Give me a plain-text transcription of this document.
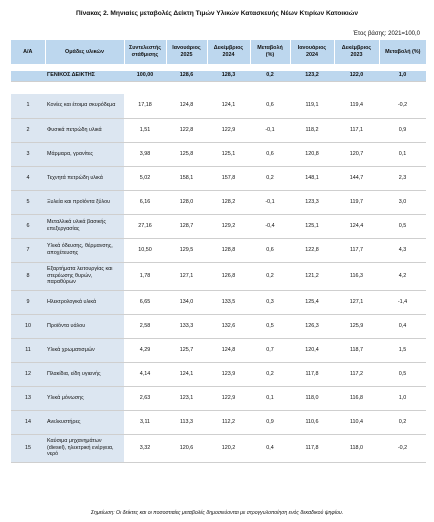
Πίνακας 2. Μηνιαίες μεταβολές Δείκτη Τιμών Υλικών Κατασκευής Νέων Κτιρίων Κατοικιών
Έτος βάσης: 2021=100,0
Α/Α	Ομάδες υλικών	Συντελεστής στάθμισης	Ιανουάριος 2025	Δεκέμβριος 2024	Μεταβολή (%)	Ιανουάριος 2024	Δεκέμβριος 2023	Μεταβολή (%)

	ΓΕΝΙΚΟΣ ΔΕΙΚΤΗΣ	100,00	128,6	128,3	0,2	123,2	122,0	1,0

1	Κονίες και έτοιμα σκυρόδεμα	17,18	124,8	124,1	0,6	119,1	119,4	-0,2
2	Φυσικά πετρώδη υλικά	1,51	122,8	122,9	-0,1	118,2	117,1	0,9
3	Μάρμαρα, γρανίτες	3,98	125,8	125,1	0,6	120,8	120,7	0,1
4	Τεχνητά πετρώδη υλικά	5,02	158,1	157,8	0,2	148,1	144,7	2,3
5	Ξυλεία και προϊόντα ξύλου	6,16	128,0	128,2	-0,1	123,3	119,7	3,0
6	Μεταλλικά υλικά βασικής επεξεργασίας	27,16	128,7	129,2	-0,4	125,1	124,4	0,5
7	Υλικά όδευσης, θέρμανσης, αποχέτευσης	10,50	129,5	128,8	0,6	122,8	117,7	4,3
8	Εξαρτήματα λειτουργίας και στερέωσης θυρών, παραθύρων	1,78	127,1	126,8	0,2	121,2	116,3	4,2
9	Ηλεκτρολογικά υλικά	6,65	134,0	133,5	0,3	125,4	127,1	-1,4
10	Προϊόντα υάλου	2,58	133,3	132,6	0,5	126,3	125,9	0,4
11	Υλικά χρωματισμών	4,29	125,7	124,8	0,7	120,4	118,7	1,5
12	Πλακίδια, είδη υγιεινής	4,14	124,1	123,9	0,2	117,8	117,2	0,5
13	Υλικά μόνωσης	2,63	123,1	122,9	0,1	118,0	116,8	1,0
14	Ανελκυστήρες	3,11	113,3	112,2	0,9	110,6	110,4	0,2
15	Καύσιμα μηχανημάτων (diesel), ηλεκτρική ενέργεια, νερό	3,32	120,6	120,2	0,4	117,8	118,0	-0,2
Σημείωση: Οι δείκτες και οι ποσοστιαίες μεταβολές δημοσιεύονται με στρογγυλοποίηση ενός δεκαδικού ψηφίου.
